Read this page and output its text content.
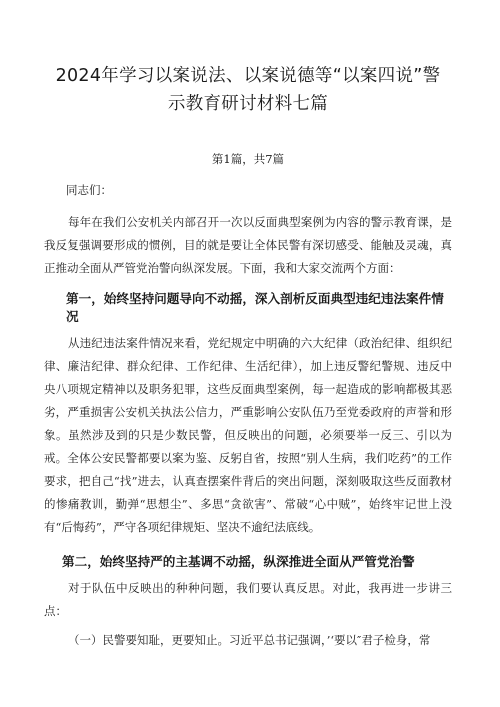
2024年学习以案说法、以案说德等“以案四说”警
示教育研讨材料七篇
第1篇，共7篇
同志们：

每年在我们公安机关内部召开一次以反面典型案例为内容的警示教育课，是我反复强调要形成的惯例，目的就是要让全体民警有深切感受、能触及灵魂，真正推动全面从严管党治警向纵深发展。下面，我和大家交流两个方面：

第一，始终坚持问题导向不动摇，深入剖析反面典型违纪违法案件情况

从违纪违法案件情况来看，党纪规定中明确的六大纪律（政治纪律、组织纪律、廉洁纪律、群众纪律、工作纪律、生活纪律），加上违反警纪警规、违反中央八项规定精神以及职务犯罪，这些反面典型案例，每一起造成的影响都极其恶劣，严重损害公安机关执法公信力，严重影响公安队伍乃至党委政府的声誉和形象。虽然涉及到的只是少数民警，但反映出的问题，必须要举一反三、引以为戒。全体公安民警都要以案为鉴、反躬自省，按照“别人生病，我们吃药”的工作要求，把自己“找”进去，认真查摆案件背后的突出问题，深刻吸取这些反面教材的惨痛教训，勤弹“思想尘”、多思“贪欲害”、常破“心中贼”，始终牢记世上没有“后悔药”，严守各项纪律规矩、坚决不逾纪法底线。

第二，始终坚持严的主基调不动摇，纵深推进全面从严管党治警

对于队伍中反映出的种种问题，我们要认真反思。对此，我再进一步讲三点：

（一）民警要知耻，更要知止。习近平总书记强调，’‘要以″君子检身，常
